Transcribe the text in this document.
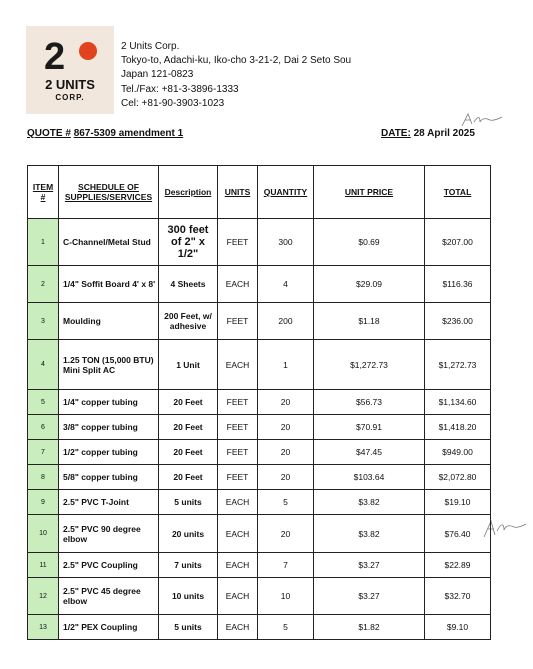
2
2 UNITS
CORP.
2 Units Corp.
Tokyo-to, Adachi-ku, Iko-cho 3-21-2, Dai 2 Seto Sou
Japan 121-0823
Tel./Fax: +81-3-3896-1333
Cel: +81-90-3903-1023
QUOTE # 867-5309 amendment 1	DATE: 28 April 2025
ITEM #	SCHEDULE OF SUPPLIES/SERVICES	Description	UNITS	QUANTITY	UNIT PRICE	TOTAL
1	C-Channel/Metal Stud	300 feet of 2" x 1/2"	FEET	300	$0.69	$207.00
2	1/4" Soffit Board 4' x 8'	4 Sheets	EACH	4	$29.09	$116.36
3	Moulding	200 Feet, w/ adhesive	FEET	200	$1.18	$236.00
4	1.25 TON (15,000 BTU) Mini Split AC	1 Unit	EACH	1	$1,272.73	$1,272.73
5	1/4" copper tubing	20 Feet	FEET	20	$56.73	$1,134.60
6	3/8" copper tubing	20 Feet	FEET	20	$70.91	$1,418.20
7	1/2" copper tubing	20 Feet	FEET	20	$47.45	$949.00
8	5/8" copper tubing	20 Feet	FEET	20	$103.64	$2,072.80
9	2.5" PVC T-Joint	5 units	EACH	5	$3.82	$19.10
10	2.5" PVC 90 degree elbow	20 units	EACH	20	$3.82	$76.40
11	2.5" PVC Coupling	7 units	EACH	7	$3.27	$22.89
12	2.5" PVC 45 degree elbow	10 units	EACH	10	$3.27	$32.70
13	1/2" PEX Coupling	5 units	EACH	5	$1.82	$9.10
